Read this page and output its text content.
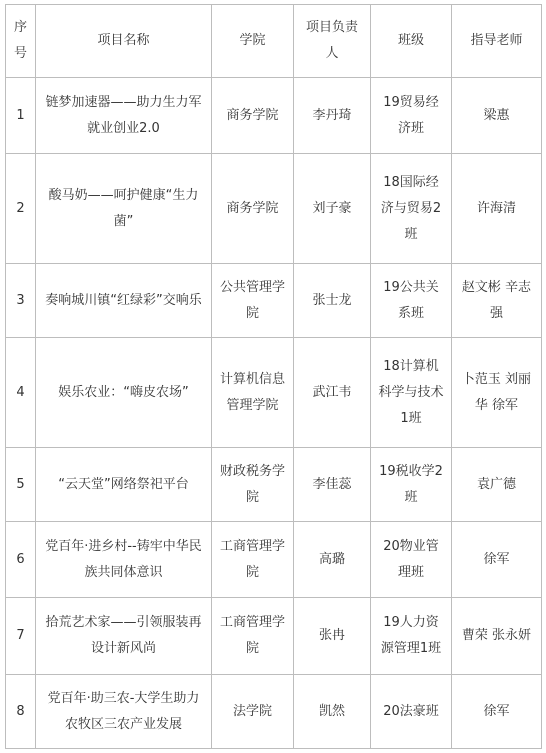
序号	项目名称	学院	项目负责人	班级	指导老师
1	链梦加速器——助力生力军就业创业2.0	商务学院	李丹琦	19贸易经济班	梁惠
2	酸马奶——呵护健康“生力菌”	商务学院	刘子豪	18国际经济与贸易2班	许海清
3	奏响城川镇“红绿彩”交响乐	公共管理学院	张士龙	19公共关系班	赵文彬 辛志强
4	娱乐农业：“嗨皮农场”	计算机信息管理学院	武江韦	18计算机科学与技术1班	卜范玉 刘丽华 徐军
5	“云天堂”网络祭祀平台	财政税务学院	李佳蕊	19税收学2班	袁广德
6	党百年·进乡村--铸牢中华民族共同体意识	工商管理学院	高璐	20物业管理班	徐军
7	拾荒艺术家——引领服装再设计新风尚	工商管理学院	张冉	19人力资源管理1班	曹荣 张永妍
8	党百年·助三农-大学生助力农牧区三农产业发展	法学院	凯然	20法豪班	徐军
